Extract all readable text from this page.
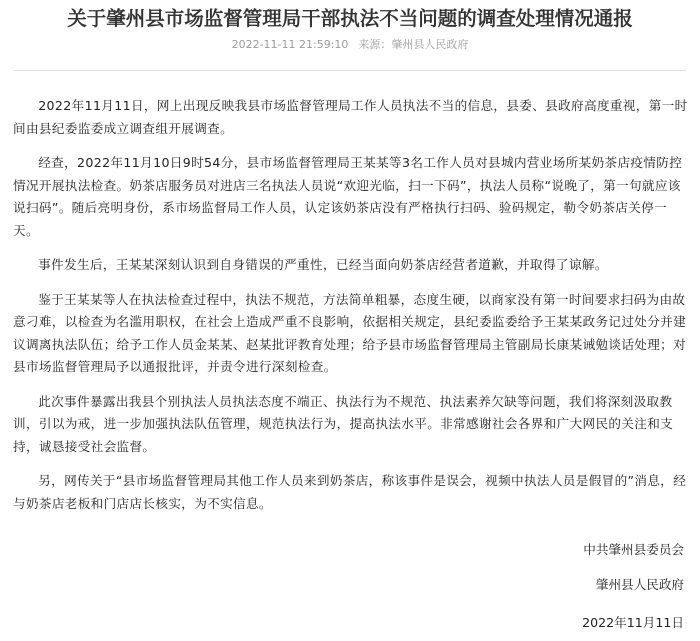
关于肇州县市场监督管理局干部执法不当问题的调查处理情况通报
2022-11-11 21:59:10 来源：肇州县人民政府

2022年11月11日，网上出现反映我县市场监督管理局工作人员执法不当的信息，县委、县政府高度重视，第一时间由县纪委监委成立调查组开展调查。

经查，2022年11月10日9时54分，县市场监督管理局王某某等3名工作人员对县城内营业场所某奶茶店疫情防控情况开展执法检查。奶茶店服务员对进店三名执法人员说“欢迎光临，扫一下码”，执法人员称“说晚了，第一句就应该说扫码”。随后亮明身份，系市场监督局工作人员，认定该奶茶店没有严格执行扫码、验码规定，勒令奶茶店关停一天。

事件发生后，王某某深刻认识到自身错误的严重性，已经当面向奶茶店经营者道歉，并取得了谅解。

鉴于王某某等人在执法检查过程中，执法不规范，方法简单粗暴，态度生硬，以商家没有第一时间要求扫码为由故意刁难，以检查为名滥用职权，在社会上造成严重不良影响，依据相关规定，县纪委监委给予王某某政务记过处分并建议调离执法队伍；给予工作人员金某某、赵某批评教育处理；给予县市场监督管理局主管副局长康某诫勉谈话处理；对县市场监督管理局予以通报批评，并责令进行深刻检查。

此次事件暴露出我县个别执法人员执法态度不端正、执法行为不规范、执法素养欠缺等问题，我们将深刻汲取教训，引以为戒，进一步加强执法队伍管理，规范执法行为，提高执法水平。非常感谢社会各界和广大网民的关注和支持，诚恳接受社会监督。

另，网传关于“县市场监督管理局其他工作人员来到奶茶店，称该事件是误会，视频中执法人员是假冒的”消息，经与奶茶店老板和门店店长核实，为不实信息。

中共肇州县委员会
肇州县人民政府
2022年11月11日
